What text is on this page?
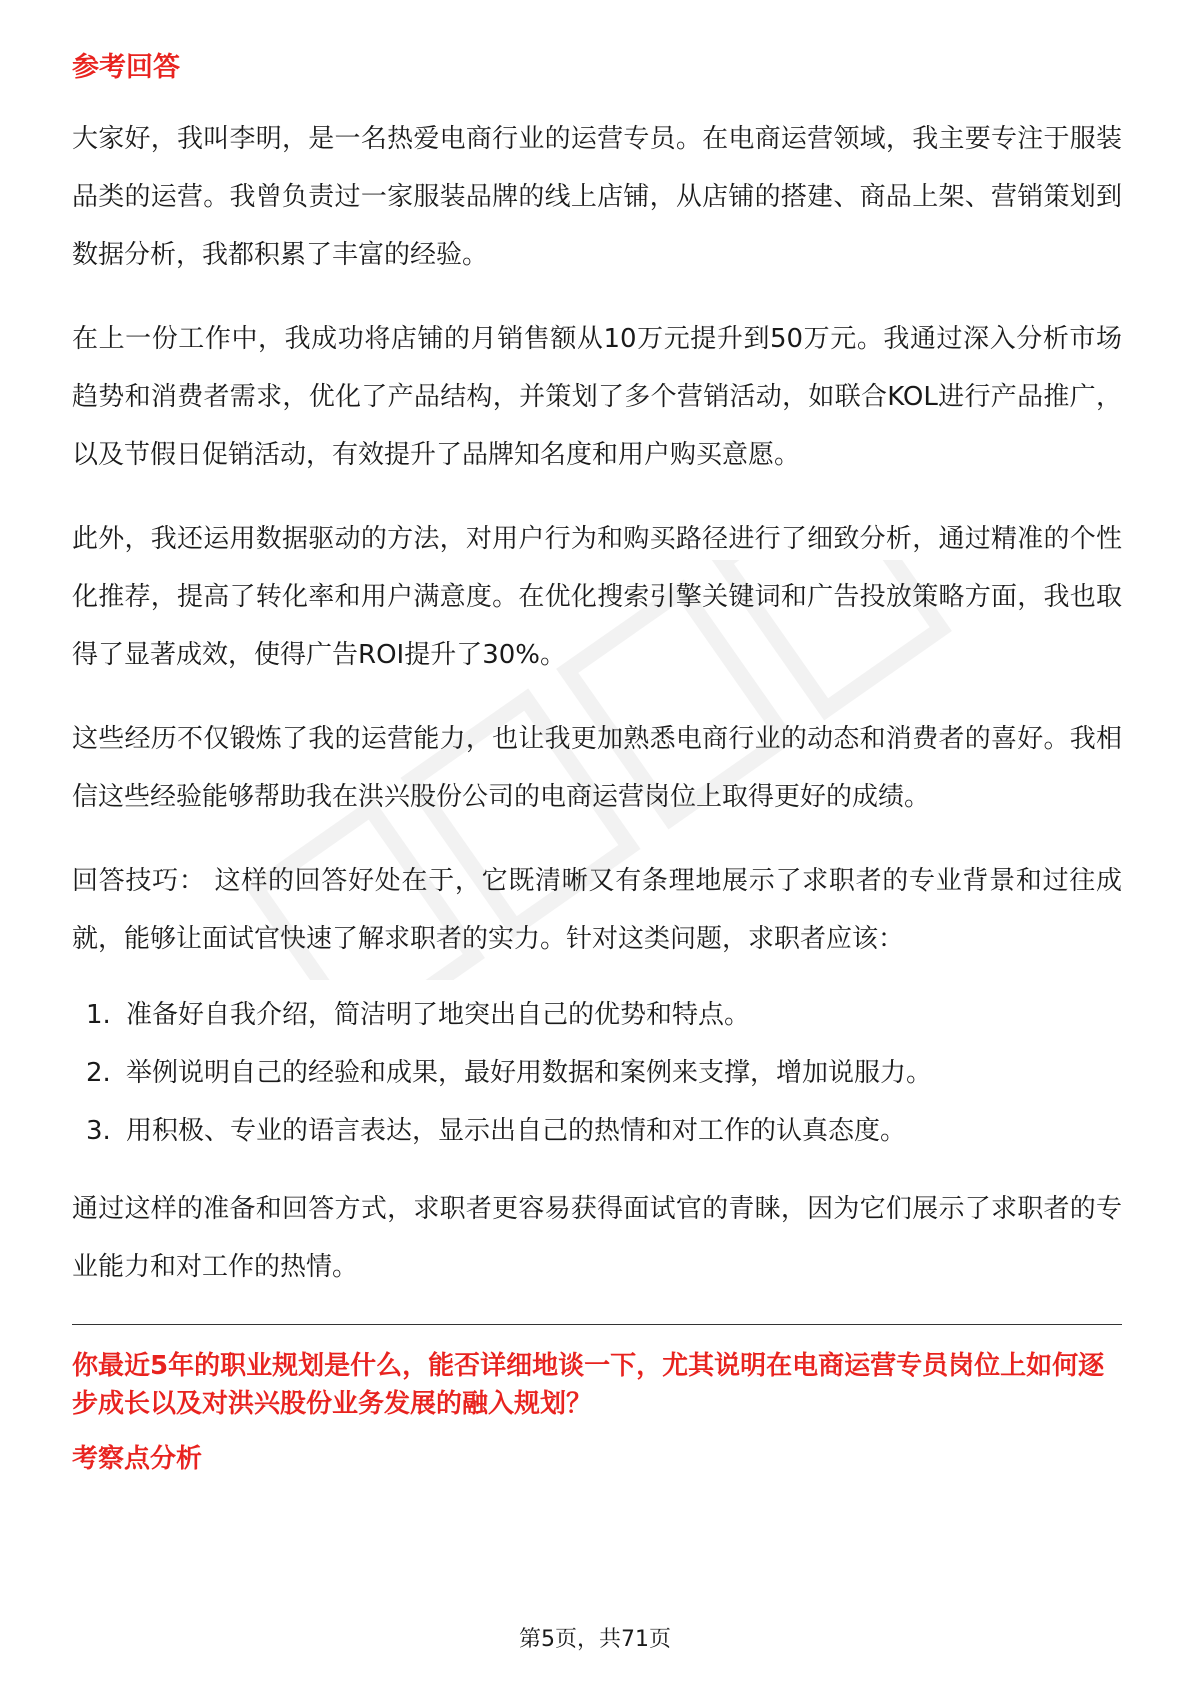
参考回答

大家好，我叫李明，是一名热爱电商行业的运营专员。在电商运营领域，我主要专注于服装品类的运营。我曾负责过一家服装品牌的线上店铺，从店铺的搭建、商品上架、营销策划到数据分析，我都积累了丰富的经验。

在上一份工作中，我成功将店铺的月销售额从10万元提升到50万元。我通过深入分析市场趋势和消费者需求，优化了产品结构，并策划了多个营销活动，如联合KOL进行产品推广，以及节假日促销活动，有效提升了品牌知名度和用户购买意愿。

此外，我还运用数据驱动的方法，对用户行为和购买路径进行了细致分析，通过精准的个性化推荐，提高了转化率和用户满意度。在优化搜索引擎关键词和广告投放策略方面，我也取得了显著成效，使得广告ROI提升了30%。

这些经历不仅锻炼了我的运营能力，也让我更加熟悉电商行业的动态和消费者的喜好。我相信这些经验能够帮助我在洪兴股份公司的电商运营岗位上取得更好的成绩。

回答技巧： 这样的回答好处在于，它既清晰又有条理地展示了求职者的专业背景和过往成就，能够让面试官快速了解求职者的实力。针对这类问题，求职者应该：

1. 准备好自我介绍，简洁明了地突出自己的优势和特点。
2. 举例说明自己的经验和成果，最好用数据和案例来支撑，增加说服力。
3. 用积极、专业的语言表达，显示出自己的热情和对工作的认真态度。

通过这样的准备和回答方式，求职者更容易获得面试官的青睐，因为它们展示了求职者的专业能力和对工作的热情。

你最近5年的职业规划是什么，能否详细地谈一下，尤其说明在电商运营专员岗位上如何逐步成长以及对洪兴股份业务发展的融入规划？
考察点分析
第5页，共71页
